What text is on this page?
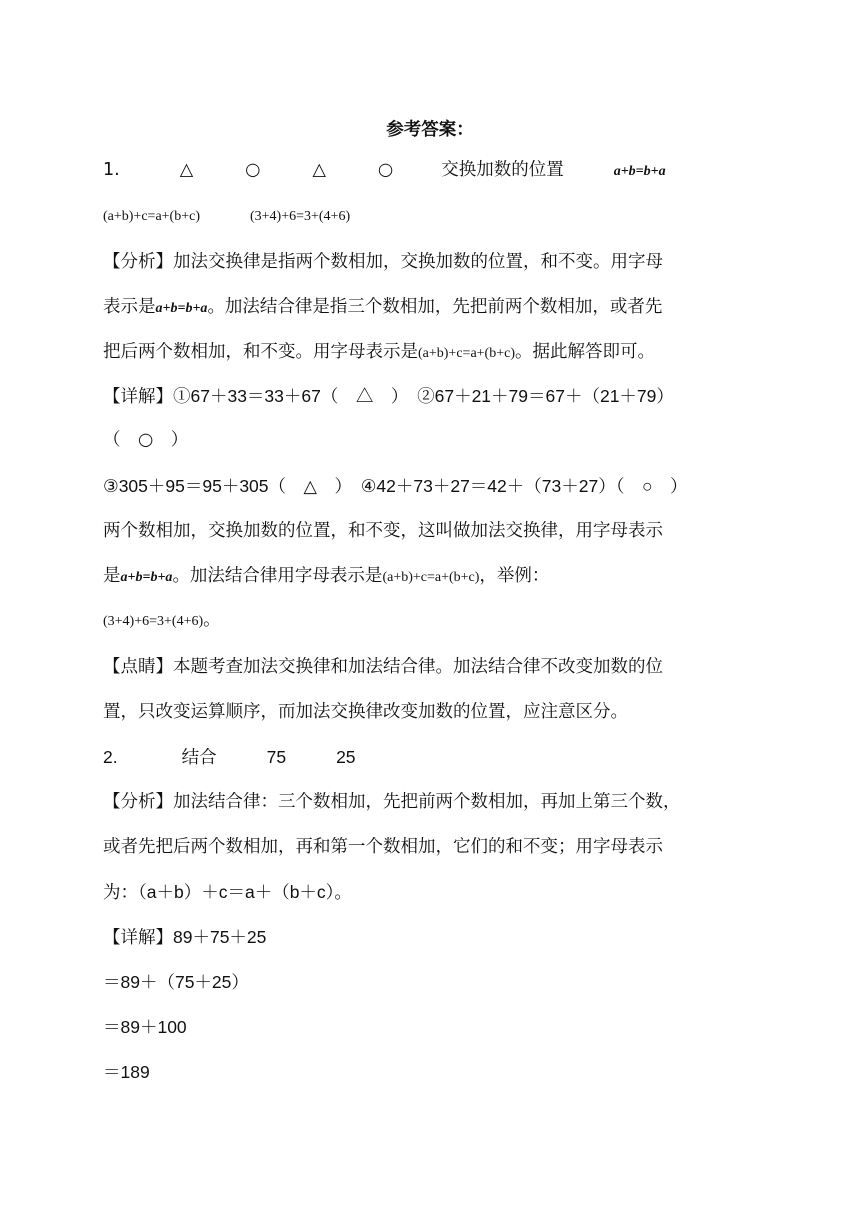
参考答案：
1.	△	○	△	○	交换加数的位置	a+b=b+a
(a+b)+c=a+(b+c)	(3+4)+6=3+(4+6)
【分析】加法交换律是指两个数相加，交换加数的位置，和不变。用字母
表示是a+b=b+a。加法结合律是指三个数相加，先把前两个数相加，或者先
把后两个数相加，和不变。用字母表示是(a+b)+c=a+(b+c)。据此解答即可。
【详解】①67＋33＝33＋67（　△　）　②67＋21＋79＝67＋（21＋79）
（　○　）
③305＋95＝95＋305（　△　）　④42＋73＋27＝42＋（73＋27）（　○　）
两个数相加，交换加数的位置，和不变，这叫做加法交换律，用字母表示
是a+b=b+a。加法结合律用字母表示是(a+b)+c=a+(b+c)，举例：
(3+4)+6=3+(4+6)。
【点睛】本题考查加法交换律和加法结合律。加法结合律不改变加数的位
置，只改变运算顺序，而加法交换律改变加数的位置，应注意区分。
2.	结合	75	25
【分析】加法结合律：三个数相加，先把前两个数相加，再加上第三个数，
或者先把后两个数相加，再和第一个数相加，它们的和不变；用字母表示
为：（a＋b）＋c＝a＋（b＋c）。
【详解】89＋75＋25
＝89＋（75＋25）
＝89＋100
＝189
